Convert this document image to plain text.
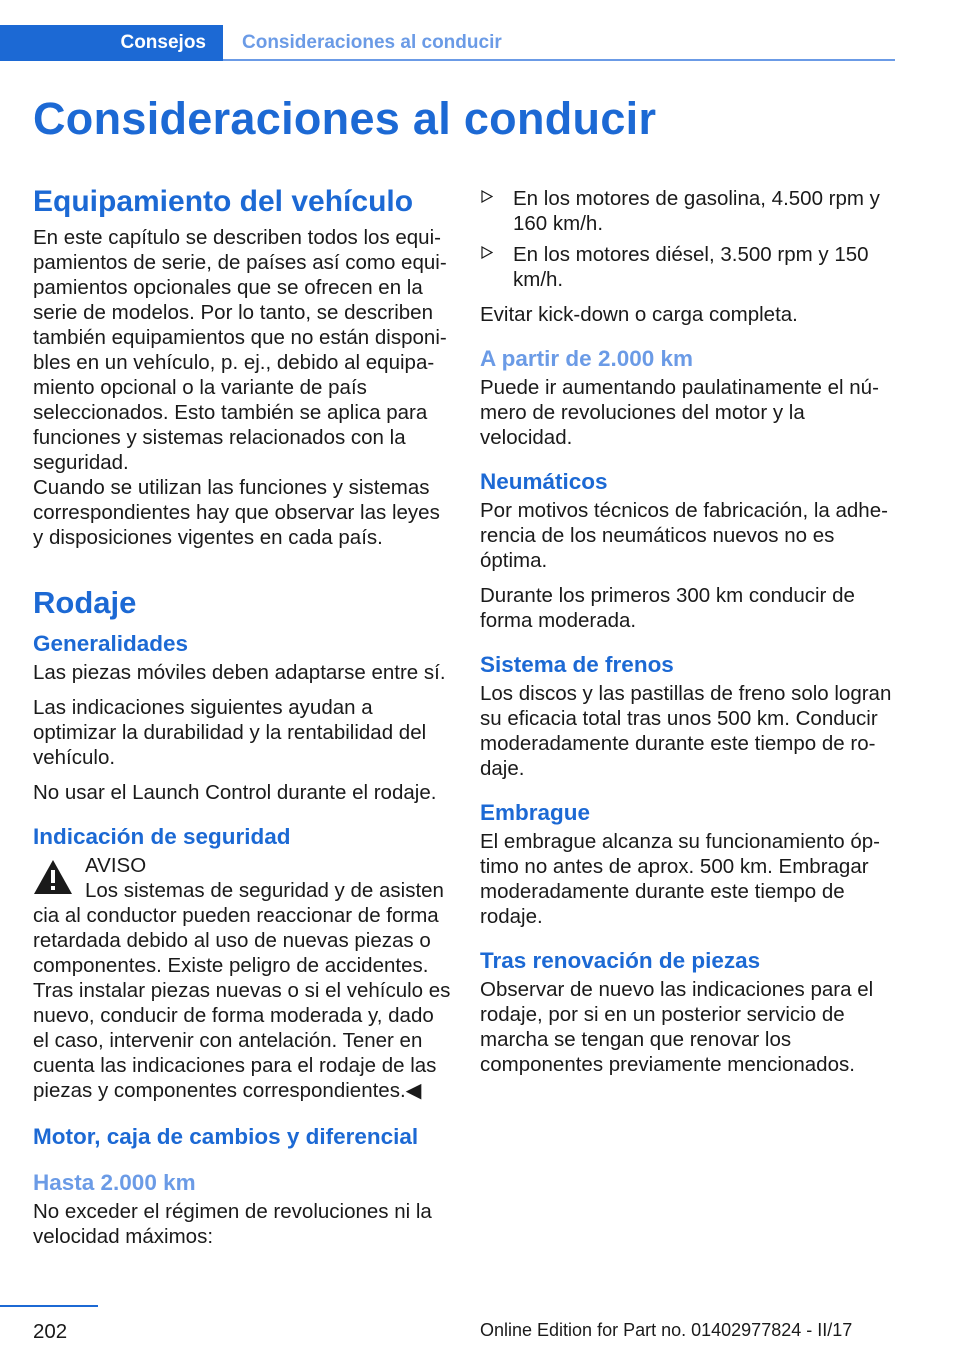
Consejos Consideraciones al conducir
Consideraciones al conducir
Equipamiento del vehículo

En este capítulo se describen todos los equipamientos de serie, de países así como equipamientos opcionales que se ofrecen en la serie de modelos. Por lo tanto, se describen también equipamientos que no están disponibles en un vehículo, p. ej., debido al equipamiento opcional o la variante de país seleccionados. Esto también se aplica para funciones y sistemas relacionados con la seguridad.

Cuando se utilizan las funciones y sistemas correspondientes hay que observar las leyes y disposiciones vigentes en cada país.

Rodaje
Generalidades

Las piezas móviles deben adaptarse entre sí.

Las indicaciones siguientes ayudan a optimizar la durabilidad y la rentabilidad del vehículo.

No usar el Launch Control durante el rodaje.

Indicación de seguridad
AVISO
Los sistemas de seguridad y de asisten

cia al conductor pueden reaccionar de forma retardada debido al uso de nuevas piezas o componentes. Existe peligro de accidentes. Tras instalar piezas nuevas o si el vehículo es nuevo, conducir de forma moderada y, dado el caso, intervenir con antelación. Tener en cuenta las indicaciones para el rodaje de las piezas y componentes correspondientes.◀

Motor, caja de cambios y diferencial
Hasta 2.000 km

No exceder el régimen de revoluciones ni la velocidad máximos:

En los motores de gasolina, 4.500 rpm y 160 km/h.
En los motores diésel, 3.500 rpm y 150 km/h.

Evitar kick-down o carga completa.

A partir de 2.000 km

Puede ir aumentando paulatinamente el número de revoluciones del motor y la velocidad.

Neumáticos

Por motivos técnicos de fabricación, la adherencia de los neumáticos nuevos no es óptima.

Durante los primeros 300 km conducir de forma moderada.

Sistema de frenos

Los discos y las pastillas de freno solo logran su eficacia total tras unos 500 km. Conducir moderadamente durante este tiempo de rodaje.

Embrague

El embrague alcanza su funcionamiento óptimo no antes de aprox. 500 km. Embragar moderadamente durante este tiempo de rodaje.

Tras renovación de piezas

Observar de nuevo las indicaciones para el rodaje, por si en un posterior servicio de marcha se tengan que renovar los componentes previamente mencionados.

202	Online Edition for Part no. 01402977824 - II/17
